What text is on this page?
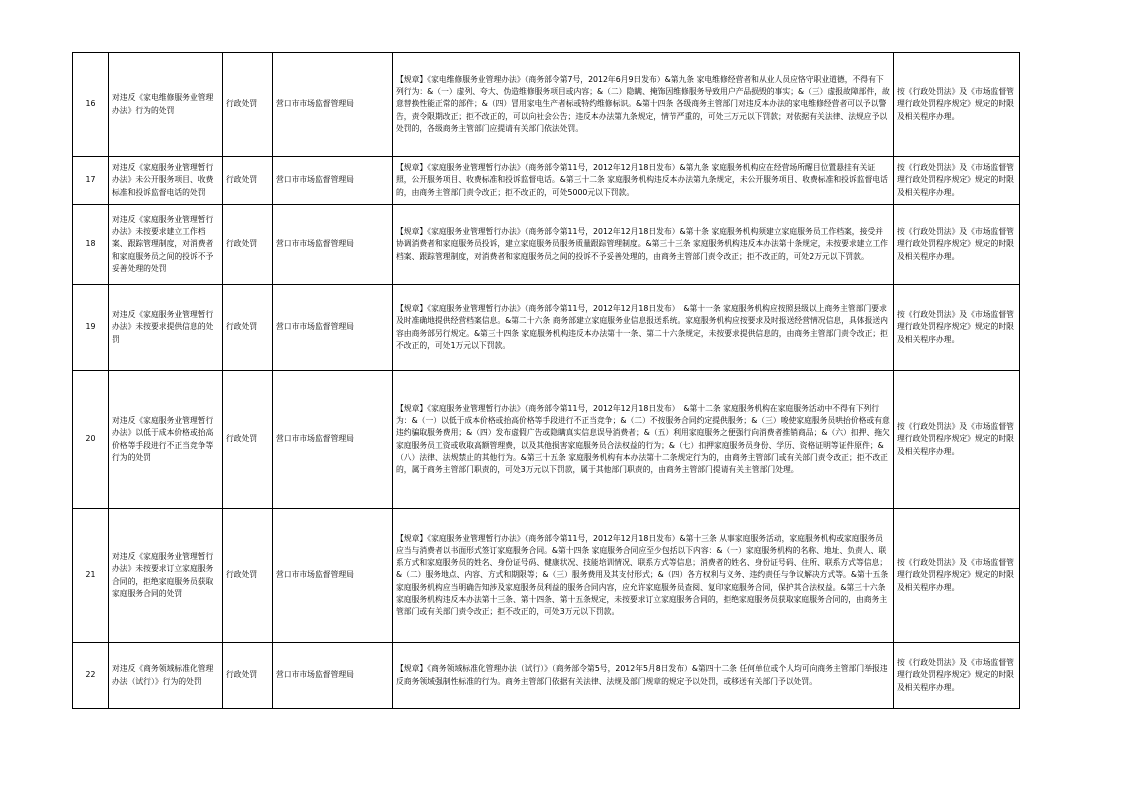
16	对违反《家电维修服务业管理办法》行为的处罚	行政处罚	营口市市场监督管理局	【规章】《家电维修服务业管理办法》（商务部令第7号，2012年6月9日发布）&第九条 家电维修经营者和从业人员应恪守职业道德，不得有下列行为：&（一）虚列、夸大、伪造维修服务项目或内容；&（二）隐瞒、掩饰因维修服务导致用户产品损毁的事实；&（三）虚报故障部件，故意替换性能正常的部件；&（四）冒用家电生产者标或特约维修标识。&第十四条 各级商务主管部门对违反本办法的家电维修经营者可以予以警告，责令限期改正；拒不改正的，可以向社会公告；违反本办法第九条规定，情节严重的，可处三万元以下罚款；对依据有关法律、法规应予以处罚的，各级商务主管部门应提请有关部门依法处罚。	按《行政处罚法》及《市场监督管理行政处罚程序规定》规定的时限及相关程序办理。
17	对违反《家庭服务业管理暂行办法》未公开服务项目、收费标准和投诉监督电话的处罚	行政处罚	营口市市场监督管理局	【规章】《家庭服务业管理暂行办法》（商务部令第11号，2012年12月18日发布）&第九条 家庭服务机构应在经营场所醒目位置悬挂有关证照，公开服务项目、收费标准和投诉监督电话。&第三十二条 家庭服务机构违反本办法第九条规定，未公开服务项目、收费标准和投诉监督电话的，由商务主管部门责令改正；拒不改正的，可处5000元以下罚款。	按《行政处罚法》及《市场监督管理行政处罚程序规定》规定的时限及相关程序办理。
18	对违反《家庭服务业管理暂行办法》未按要求建立工作档案、跟踪管理制度，对消费者和家庭服务员之间的投诉不予妥善处理的处罚	行政处罚	营口市市场监督管理局	【规章】《家庭服务业管理暂行办法》（商务部令第11号，2012年12月18日发布）&第十条 家庭服务机构须建立家庭服务员工作档案，接受并协调消费者和家庭服务员投诉，建立家庭服务员服务质量跟踪管理制度。&第三十三条 家庭服务机构违反本办法第十条规定，未按要求建立工作档案、跟踪管理制度，对消费者和家庭服务员之间的投诉不予妥善处理的，由商务主管部门责令改正；拒不改正的，可处2万元以下罚款。	按《行政处罚法》及《市场监督管理行政处罚程序规定》规定的时限及相关程序办理。
19	对违反《家庭服务业管理暂行办法》未按要求提供信息的处罚	行政处罚	营口市市场监督管理局	【规章】《家庭服务业管理暂行办法》（商务部令第11号，2012年12月18日发布）　&第十一条 家庭服务机构应按照县级以上商务主管部门要求及时准确地提供经营档案信息。&第二十六条 商务部建立家庭服务业信息报送系统。家庭服务机构应按要求及时报送经营情况信息，具体报送内容由商务部另行规定。&第三十四条 家庭服务机构违反本办法第十一条、第二十六条规定，未按要求提供信息的，由商务主管部门责令改正；拒不改正的，可处1万元以下罚款。	按《行政处罚法》及《市场监督管理行政处罚程序规定》规定的时限及相关程序办理。
20	对违反《家庭服务业管理暂行办法》以低于成本价格或抬高价格等手段进行不正当竞争等行为的处罚	行政处罚	营口市市场监督管理局	【规章】《家庭服务业管理暂行办法》（商务部令第11号，2012年12月18日发布）　&第十二条 家庭服务机构在家庭服务活动中不得有下列行为：&（一）以低于成本价格或抬高价格等手段进行不正当竞争；&（二）不按服务合同约定提供服务；&（三）唆使家庭服务员哄抬价格或有意违约骗取服务费用；&（四）发布虚假广告或隐瞒真实信息误导消费者；&（五）利用家庭服务之便强行向消费者推销商品；&（六）扣押、拖欠家庭服务员工资或收取高额管理费，以及其他损害家庭服务员合法权益的行为；&（七）扣押家庭服务员身份、学历、资格证明等证件原件；&（八）法律、法规禁止的其他行为。&第三十五条 家庭服务机构有本办法第十二条规定行为的，由商务主管部门或有关部门责令改正；拒不改正的，属于商务主管部门职责的，可处3万元以下罚款，属于其他部门职责的，由商务主管部门提请有关主管部门处理。	按《行政处罚法》及《市场监督管理行政处罚程序规定》规定的时限及相关程序办理。
21	对违反《家庭服务业管理暂行办法》未按要求订立家庭服务合同的，拒绝家庭服务员获取家庭服务合同的处罚	行政处罚	营口市市场监督管理局	【规章】《家庭服务业管理暂行办法》（商务部令第11号，2012年12月18日发布）&第十三条 从事家庭服务活动，家庭服务机构或家庭服务员应当与消费者以书面形式签订家庭服务合同。&第十四条 家庭服务合同应至少包括以下内容：&（一）家庭服务机构的名称、地址、负责人、联系方式和家庭服务员的姓名、身份证号码、健康状况、技能培训情况、联系方式等信息；消费者的姓名、身份证号码、住所、联系方式等信息；&（二）服务地点、内容、方式和期限等；&（三）服务费用及其支付形式；&（四）各方权利与义务、违约责任与争议解决方式等。&第十五条 家庭服务机构应当明确告知涉及家庭服务员利益的服务合同内容，应允许家庭服务员查阅、复印家庭服务合同，保护其合法权益。&第三十六条 家庭服务机构违反本办法第十三条、第十四条、第十五条规定，未按要求订立家庭服务合同的，拒绝家庭服务员获取家庭服务合同的，由商务主管部门或有关部门责令改正；拒不改正的，可处3万元以下罚款。	按《行政处罚法》及《市场监督管理行政处罚程序规定》规定的时限及相关程序办理。
22	对违反《商务领域标准化管理办法（试行）》行为的处罚	行政处罚	营口市市场监督管理局	【规章】《商务领域标准化管理办法（试行）》（商务部令第5号，2012年5月8日发布）&第四十二条 任何单位或个人均可向商务主管部门举报违反商务领域强制性标准的行为。商务主管部门依据有关法律、法规及部门规章的规定予以处罚，或移送有关部门予以处罚。	按《行政处罚法》及《市场监督管理行政处罚程序规定》规定的时限及相关程序办理。
